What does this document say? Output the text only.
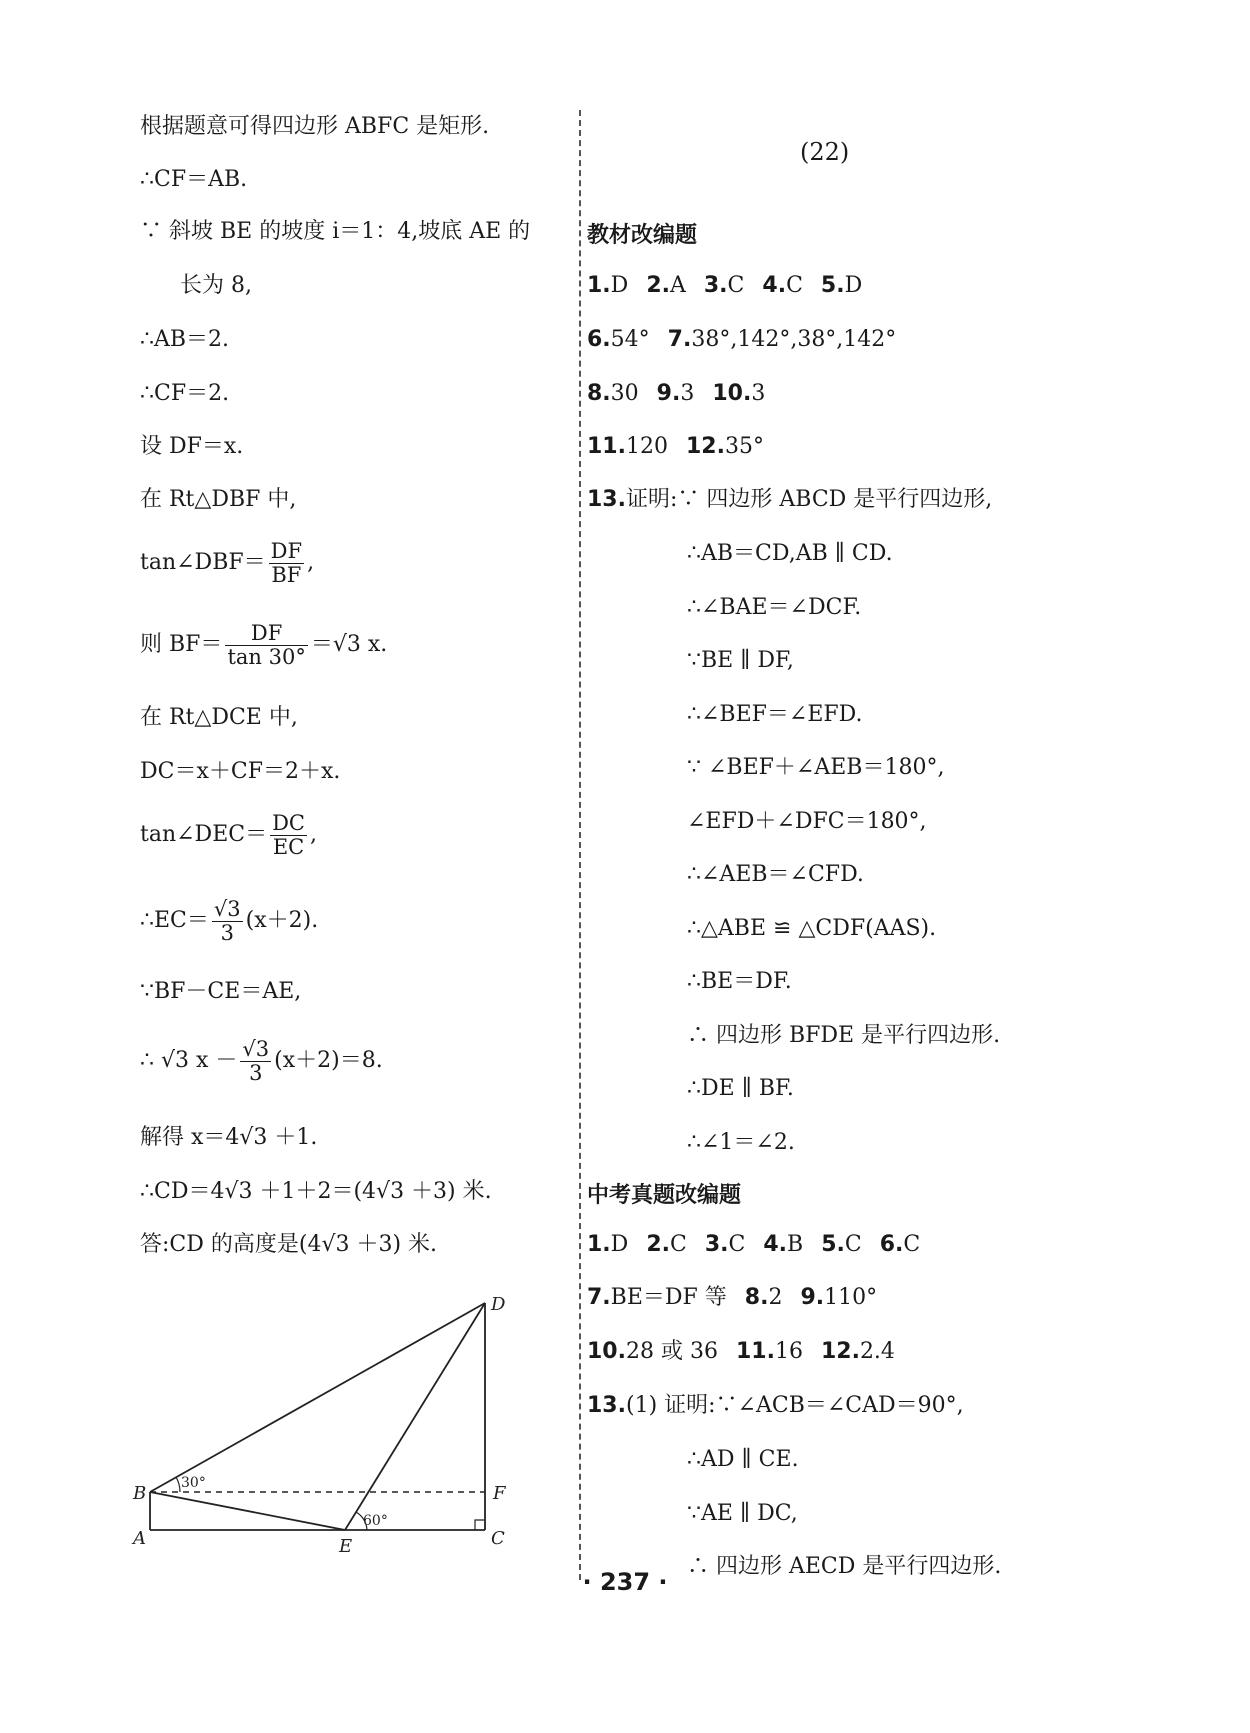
根据题意可得四边形 ABFC 是矩形.
∴CF＝AB.
∵ 斜坡 BE 的坡度 i＝1：4,坡底 AE 的
长为 8,
∴AB＝2.
∴CF＝2.
设 DF＝x.
在 Rt△DBF 中,
tan∠DBF＝ $\frac{DF}{BF}$ ,
则 $BF= \frac{DF}{\tan 30^\circ} =√3$ x.
在 Rt△DCE 中,
DC＝x＋CF＝2＋x.
tan∠DEC＝ $\frac{DC}{EC}$ ,
∴EC＝ $\frac{√3}{3} (x+2)$.
∵BF－CE＝AE,
∴ √3 $x - \frac{√3}{3} (x+2)=8$.
解得 x＝4√3 ＋1.
∴CD＝4√3 ＋1＋2＝(4√3 ＋3) 米.
答:CD 的高度是(4√3 ＋3) 米.
A
B
C
F
D
E
30°
60°
(22)
教材改编题
1.D 2.A 3.C 4.C 5.D
6.54° 7.38°,142°,38°,142°
8.30 9.3 10.3
11.120 12.35°
13.证明:∵ 四边形 ABCD 是平行四边形,
∴AB＝CD,AB ∥ CD.
∴∠BAE＝∠DCF.
∵BE ∥ DF,
∴∠BEF＝∠EFD.
∵ ∠BEF＋∠AEB＝180°,
∠EFD＋∠DFC＝180°,
∴∠AEB＝∠CFD.
∴△ABE ≌ △CDF(AAS).
∴BE＝DF.
∴ 四边形 BFDE 是平行四边形.
∴DE ∥ BF.
∴∠1＝∠2.
中考真题改编题
1.D 2.C 3.C 4.B 5.C 6.C
7.BE＝DF 等 8.2 9.110°
10.28 或 36 11.16 12.2.4
13.(1) 证明:∵∠ACB＝∠CAD＝90°,
∴AD ∥ CE.
∵AE ∥ DC,
∴ 四边形 AECD 是平行四边形.
· 237 ·
